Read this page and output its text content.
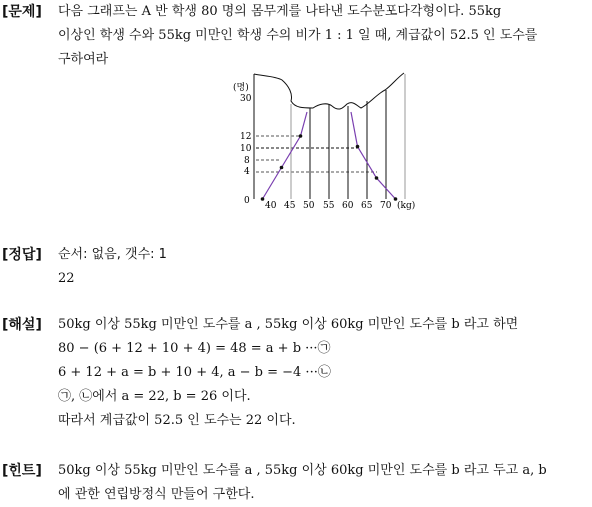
[문제] 다음 그래프는 A 반 학생 80 명의 몸무게를 나타낸 도수분포다각형이다. 55kg
이상인 학생 수와 55kg 미만인 학생 수의 비가 1 : 1 일 때, 계급값이 52.5 인 도수를
구하여라
(명)
30
12
10
8
4
0 40 45 50 55 60 65 70 (kg)
[정답] 순서: 없음, 갯수: 1
22
[해설] 50kg 이상 55kg 미만인 도수를 a , 55kg 이상 60kg 미만인 도수를 b 라고 하면
80 − (6 + 12 + 10 + 4) = 48 = a + b ···㉠
6 + 12 + a = b + 10 + 4, a − b = −4 ···㉡
㉠, ㉡에서 a = 22, b = 26 이다.
따라서 계급값이 52.5 인 도수는 22 이다.
[힌트] 50kg 이상 55kg 미만인 도수를 a , 55kg 이상 60kg 미만인 도수를 b 라고 두고 a, b
에 관한 연립방정식 만들어 구한다.
